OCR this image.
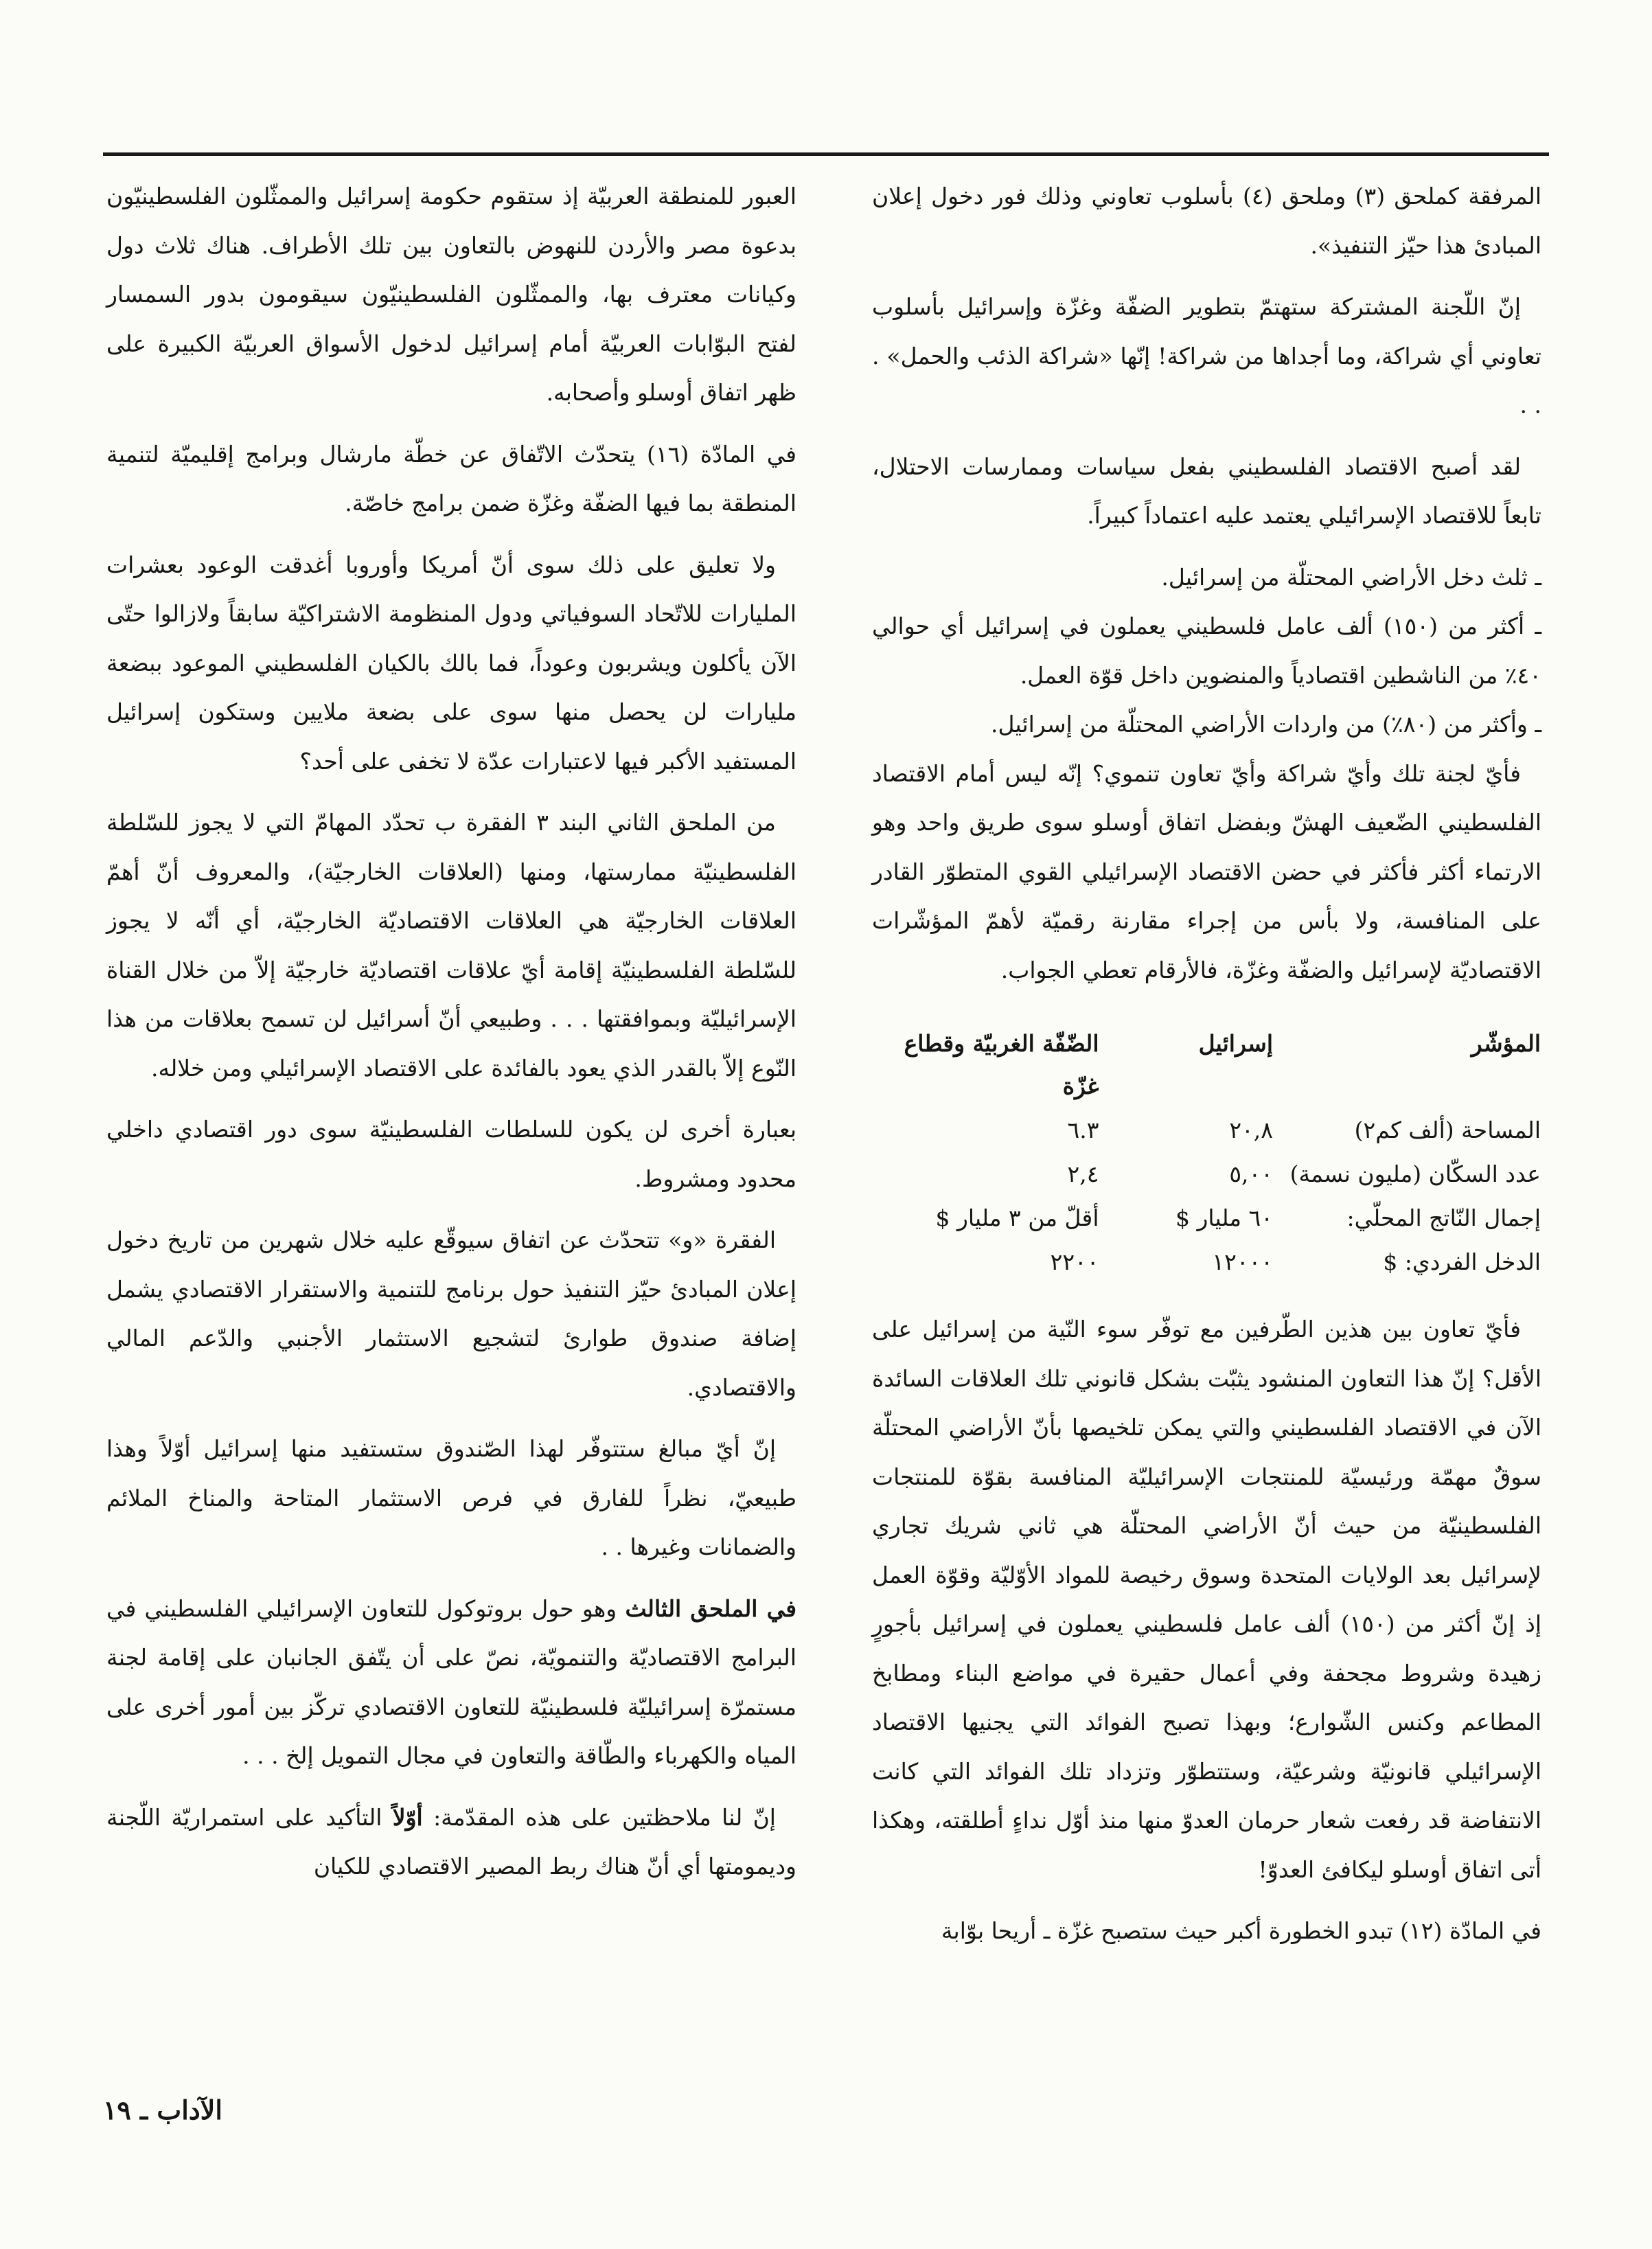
المرفقة كملحق (٣) وملحق (٤) بأسلوب تعاوني وذلك فور دخول إعلان المبادئ هذا حيّز التنفيذ».

إنّ اللّجنة المشتركة ستهتمّ بتطوير الضفّة وغزّة وإسرائيل بأسلوب تعاوني أي شراكة، وما أجداها من شراكة! إنّها «شراكة الذئب والحمل» . . .

لقد أصبح الاقتصاد الفلسطيني بفعل سياسات وممارسات الاحتلال، تابعاً للاقتصاد الإسرائيلي يعتمد عليه اعتماداً كبيراً.

ـ ثلث دخل الأراضي المحتلّة من إسرائيل.

ـ أكثر من (١٥٠) ألف عامل فلسطيني يعملون في إسرائيل أي حوالي ٤٠٪ من الناشطين اقتصادياً والمنضوين داخل قوّة العمل.

ـ وأكثر من (٨٠٪) من واردات الأراضي المحتلّة من إسرائيل.

فأيّ لجنة تلك وأيّ شراكة وأيّ تعاون تنموي؟ إنّه ليس أمام الاقتصاد الفلسطيني الضّعيف الهشّ وبفضل اتفاق أوسلو سوى طريق واحد وهو الارتماء أكثر فأكثر في حضن الاقتصاد الإسرائيلي القوي المتطوّر القادر على المنافسة، ولا بأس من إجراء مقارنة رقميّة لأهمّ المؤشّرات الاقتصاديّة لإسرائيل والضفّة وغزّة، فالأرقام تعطي الجواب.

المؤشّر	إسرائيل	الضّفّة الغربيّة وقطاع غزّة
المساحة (ألف كم٢)	٢٠,٨	٦.٣
عدد السكّان (مليون نسمة)	٥,٠٠	٢,٤
إجمال النّاتج المحلّي:	٦٠ مليار $	أقلّ من ٣ مليار $
الدخل الفردي: $	١٢٠٠٠	٢٢٠٠

فأيّ تعاون بين هذين الطّرفين مع توفّر سوء النّية من إسرائيل على الأقل؟ إنّ هذا التعاون المنشود يثبّت بشكل قانوني تلك العلاقات السائدة الآن في الاقتصاد الفلسطيني والتي يمكن تلخيصها بأنّ الأراضي المحتلّة سوقٌ مهمّة ورئيسيّة للمنتجات الإسرائيليّة المنافسة بقوّة للمنتجات الفلسطينيّة من حيث أنّ الأراضي المحتلّة هي ثاني شريك تجاري لإسرائيل بعد الولايات المتحدة وسوق رخيصة للمواد الأوّليّة وقوّة العمل إذ إنّ أكثر من (١٥٠) ألف عامل فلسطيني يعملون في إسرائيل بأجورٍ زهيدة وشروط مجحفة وفي أعمال حقيرة في مواضع البناء ومطابخ المطاعم وكنس الشّوارع؛ وبهذا تصبح الفوائد التي يجنيها الاقتصاد الإسرائيلي قانونيّة وشرعيّة، وستتطوّر وتزداد تلك الفوائد التي كانت الانتفاضة قد رفعت شعار حرمان العدوّ منها منذ أوّل نداءٍ أطلقته، وهكذا أتى اتفاق أوسلو ليكافئ العدوّ!

في المادّة (١٢) تبدو الخطورة أكبر حيث ستصبح غزّة ـ أريحا بوّابة

العبور للمنطقة العربيّة إذ ستقوم حكومة إسرائيل والممثّلون الفلسطينيّون بدعوة مصر والأردن للنهوض بالتعاون بين تلك الأطراف. هناك ثلاث دول وكيانات معترف بها، والممثّلون الفلسطينيّون سيقومون بدور السمسار لفتح البوّابات العربيّة أمام إسرائيل لدخول الأسواق العربيّة الكبيرة على ظهر اتفاق أوسلو وأصحابه.

في المادّة (١٦) يتحدّث الاتّفاق عن خطّة مارشال وبرامج إقليميّة لتنمية المنطقة بما فيها الضفّة وغزّة ضمن برامج خاصّة.

ولا تعليق على ذلك سوى أنّ أمريكا وأوروبا أغدقت الوعود بعشرات المليارات للاتّحاد السوفياتي ودول المنظومة الاشتراكيّة سابقاً ولازالوا حتّى الآن يأكلون ويشربون وعوداً، فما بالك بالكيان الفلسطيني الموعود ببضعة مليارات لن يحصل منها سوى على بضعة ملايين وستكون إسرائيل المستفيد الأكبر فيها لاعتبارات عدّة لا تخفى على أحد؟

من الملحق الثاني البند ٣ الفقرة ب تحدّد المهامّ التي لا يجوز للسّلطة الفلسطينيّة ممارستها، ومنها (العلاقات الخارجيّة)، والمعروف أنّ أهمّ العلاقات الخارجيّة هي العلاقات الاقتصاديّة الخارجيّة، أي أنّه لا يجوز للسّلطة الفلسطينيّة إقامة أيّ علاقات اقتصاديّة خارجيّة إلاّ من خلال القناة الإسرائيليّة وبموافقتها . . . وطبيعي أنّ أسرائيل لن تسمح بعلاقات من هذا النّوع إلاّ بالقدر الذي يعود بالفائدة على الاقتصاد الإسرائيلي ومن خلاله.

بعبارة أخرى لن يكون للسلطات الفلسطينيّة سوى دور اقتصادي داخلي محدود ومشروط.

الفقرة «و» تتحدّث عن اتفاق سيوقّع عليه خلال شهرين من تاريخ دخول إعلان المبادئ حيّز التنفيذ حول برنامج للتنمية والاستقرار الاقتصادي يشمل إضافة صندوق طوارئ لتشجيع الاستثمار الأجنبي والدّعم المالي والاقتصادي.

إنّ أيّ مبالغ ستتوفّر لهذا الصّندوق ستستفيد منها إسرائيل أوّلاً وهذا طبيعيّ، نظراً للفارق في فرص الاستثمار المتاحة والمناخ الملائم والضمانات وغيرها . .

في الملحق الثالث وهو حول بروتوكول للتعاون الإسرائيلي الفلسطيني في البرامج الاقتصاديّة والتنمويّة، نصّ على أن يتّفق الجانبان على إقامة لجنة مستمرّة إسرائيليّة فلسطينيّة للتعاون الاقتصادي تركّز بين أمور أخرى على المياه والكهرباء والطّاقة والتعاون في مجال التمويل إلخ . . .

إنّ لنا ملاحظتين على هذه المقدّمة: أوّلاً التأكيد على استمراريّة اللّجنة وديمومتها أي أنّ هناك ربط المصير الاقتصادي للكيان

الآداب ـ ١٩
